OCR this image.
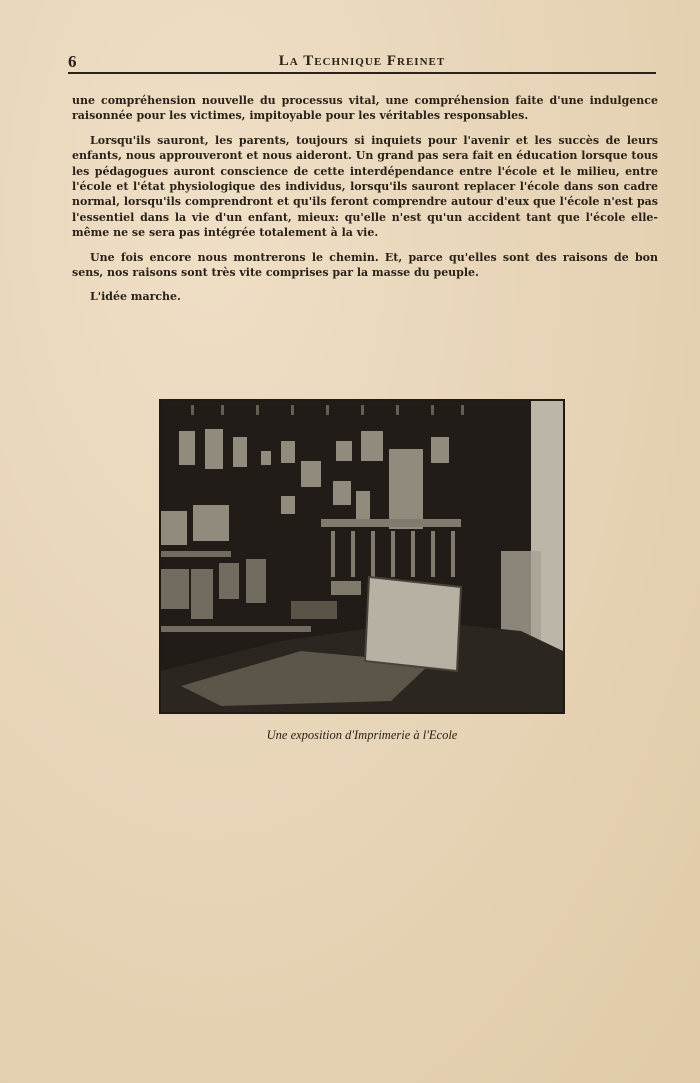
6	La Technique Freinet

une compréhension nouvelle du processus vital, une compréhension faite d'une indulgence raisonnée pour les victimes, impitoyable pour les véritables responsables.

Lorsqu'ils sauront, les parents, toujours si inquiets pour l'avenir et les succès de leurs enfants, nous approuveront et nous aideront. Un grand pas sera fait en éducation lorsque tous les pédagogues auront conscience de cette interdépendance entre l'école et le milieu, entre l'école et l'état physiologique des individus, lorsqu'ils sauront replacer l'école dans son cadre normal, lorsqu'ils comprendront et qu'ils feront comprendre autour d'eux que l'école n'est pas l'essentiel dans la vie d'un enfant, mieux: qu'elle n'est qu'un accident tant que l'école elle-même ne se sera pas intégrée totalement à la vie.

Une fois encore nous montrerons le chemin. Et, parce qu'elles sont des raisons de bon sens, nos raisons sont très vite comprises par la masse du peuple.

L'idée marche.

Une exposition d'Imprimerie à l'Ecole
